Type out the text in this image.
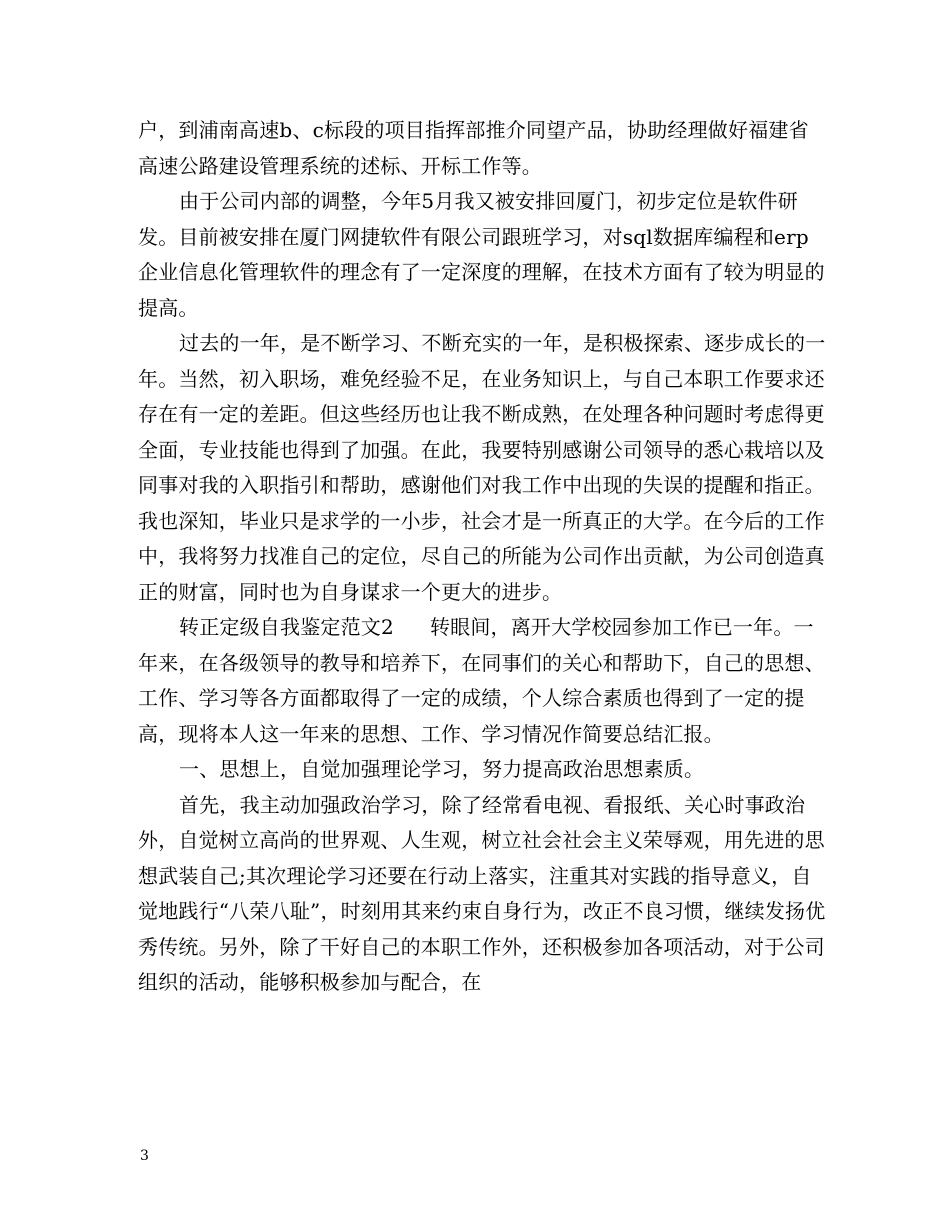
户，到浦南高速b、c标段的项目指挥部推介同望产品，协助经理做好福建省高速公路建设管理系统的述标、开标工作等。

由于公司内部的调整，今年5月我又被安排回厦门，初步定位是软件研发。目前被安排在厦门网捷软件有限公司跟班学习，对sql数据库编程和erp企业信息化管理软件的理念有了一定深度的理解，在技术方面有了较为明显的提高。

过去的一年，是不断学习、不断充实的一年，是积极探索、逐步成长的一年。当然，初入职场，难免经验不足，在业务知识上，与自己本职工作要求还存在有一定的差距。但这些经历也让我不断成熟，在处理各种问题时考虑得更全面，专业技能也得到了加强。在此，我要特别感谢公司领导的悉心栽培以及同事对我的入职指引和帮助，感谢他们对我工作中出现的失误的提醒和指正。我也深知，毕业只是求学的一小步，社会才是一所真正的大学。在今后的工作中，我将努力找准自己的定位，尽自己的所能为公司作出贡献，为公司创造真正的财富，同时也为自身谋求一个更大的进步。

转正定级自我鉴定范文2 转眼间，离开大学校园参加工作已一年。一年来，在各级领导的教导和培养下，在同事们的关心和帮助下，自己的思想、工作、学习等各方面都取得了一定的成绩，个人综合素质也得到了一定的提高，现将本人这一年来的思想、工作、学习情况作简要总结汇报。

一、思想上，自觉加强理论学习，努力提高政治思想素质。

首先，我主动加强政治学习，除了经常看电视、看报纸、关心时事政治外，自觉树立高尚的世界观、人生观，树立社会社会主义荣辱观，用先进的思想武装自己;其次理论学习还要在行动上落实，注重其对实践的指导意义，自觉地践行“八荣八耻”，时刻用其来约束自身行为，改正不良习惯，继续发扬优秀传统。另外，除了干好自己的本职工作外，还积极参加各项活动，对于公司组织的活动，能够积极参加与配合，在

3
